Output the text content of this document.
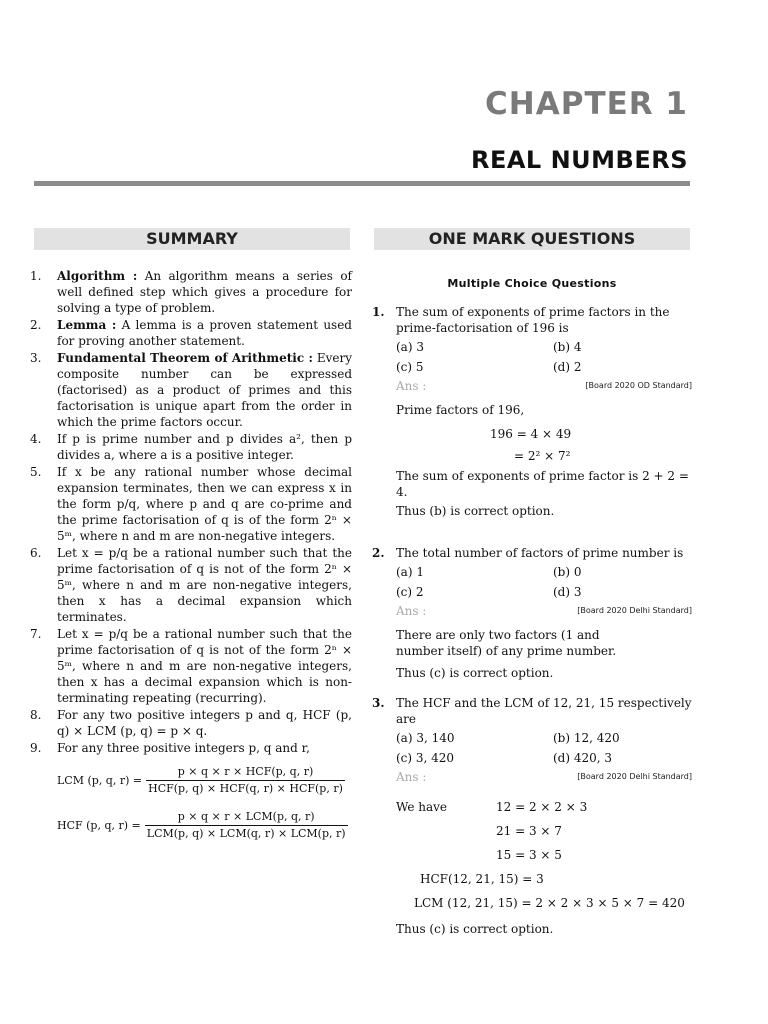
CHAPTER 1
REAL NUMBERS
SUMMARY	ONE MARK QUESTIONS
1. Algorithm : An algorithm means a series of well defined step which gives a procedure for solving a type of problem.
2. Lemma : A lemma is a proven statement used for proving another statement.
3. Fundamental Theorem of Arithmetic : Every composite number can be expressed (factorised) as a product of primes and this factorisation is unique apart from the order in which the prime factors occur.
4. If p is prime number and p divides a², then p divides a, where a is a positive integer.
5. If x be any rational number whose decimal expansion terminates, then we can express x in the form p/q, where p and q are co-prime and the prime factorisation of q is of the form 2ⁿ × 5ᵐ, where n and m are non-negative integers.
6. Let x = p/q be a rational number such that the prime factorisation of q is not of the form 2ⁿ × 5ᵐ, where n and m are non-negative integers, then x has a decimal expansion which terminates.
7. Let x = p/q be a rational number such that the prime factorisation of q is not of the form 2ⁿ × 5ᵐ, where n and m are non-negative integers, then x has a decimal expansion which is non-terminating repeating (recurring).
8. For any two positive integers p and q, HCF (p, q) × LCM (p, q) = p × q.
9. For any three positive integers p, q and r,
LCM (p, q, $r) = \frac{\text{p × q × r × HCF(p, q, r)}}{\text{HCF(p, q) × HCF(q, r) × HCF(p, r)}}$
HCF (p, q, $r) = \frac{\text{p × q × r × LCM(p, q, r)}}{\text{LCM(p, q) × LCM(q, r) × LCM(p, r)}}$
Multiple Choice Questions
1. The sum of exponents of prime factors in the prime-factorisation of 196 is
(a) 3	(b) 4
(c) 5	(d) 2
Ans :	[Board 2020 OD Standard]
Prime factors of 196,
196 = 4 × 49
= 2² × 7²
The sum of exponents of prime factor is 2 + 2 = 4.
Thus (b) is correct option.
2. The total number of factors of prime number is
(a) 1	(b) 0
(c) 2	(d) 3
Ans :	[Board 2020 Delhi Standard]
There are only two factors (1 and number itself) of any prime number.
Thus (c) is correct option.
3. The HCF and the LCM of 12, 21, 15 respectively are
(a) 3, 140	(b) 12, 420
(c) 3, 420	(d) 420, 3
Ans :	[Board 2020 Delhi Standard]
We have	12 = 2 × 2 × 3
21 = 3 × 7
15 = 3 × 5
HCF(12, 21, 15) = 3
LCM (12, 21, 15) = 2 × 2 × 3 × 5 × 7 = 420
Thus (c) is correct option.
